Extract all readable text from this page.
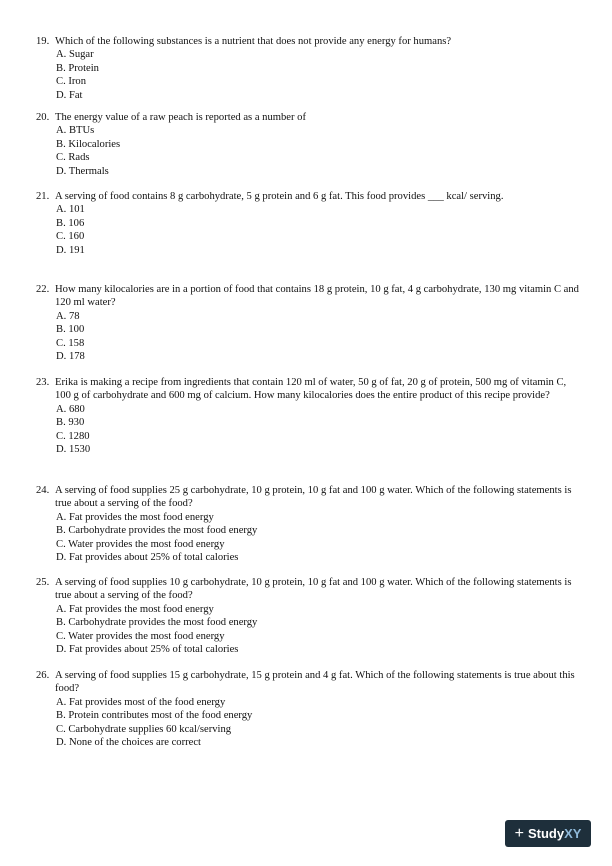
19. Which of the following substances is a nutrient that does not provide any energy for humans?
A. Sugar
B. Protein
C. Iron
D. Fat
20. The energy value of a raw peach is reported as a number of
A. BTUs
B. Kilocalories
C. Rads
D. Thermals
21. A serving of food contains 8 g carbohydrate, 5 g protein and 6 g fat. This food provides ___ kcal/ serving.
A. 101
B. 106
C. 160
D. 191
22. How many kilocalories are in a portion of food that contains 18 g protein, 10 g fat, 4 g carbohydrate, 130 mg vitamin C and 120 ml water?
A. 78
B. 100
C. 158
D. 178
23. Erika is making a recipe from ingredients that contain 120 ml of water, 50 g of fat, 20 g of protein, 500 mg of vitamin C, 100 g of carbohydrate and 600 mg of calcium. How many kilocalories does the entire product of this recipe provide?
A. 680
B. 930
C. 1280
D. 1530
24. A serving of food supplies 25 g carbohydrate, 10 g protein, 10 g fat and 100 g water. Which of the following statements is true about a serving of the food?
A. Fat provides the most food energy
B. Carbohydrate provides the most food energy
C. Water provides the most food energy
D. Fat provides about 25% of total calories
25. A serving of food supplies 10 g carbohydrate, 10 g protein, 10 g fat and 100 g water. Which of the following statements is true about a serving of the food?
A. Fat provides the most food energy
B. Carbohydrate provides the most food energy
C. Water provides the most food energy
D. Fat provides about 25% of total calories
26. A serving of food supplies 15 g carbohydrate, 15 g protein and 4 g fat. Which of the following statements is true about this food?
A. Fat provides most of the food energy
B. Protein contributes most of the food energy
C. Carbohydrate supplies 60 kcal/serving
D. None of the choices are correct
+ Study XY
